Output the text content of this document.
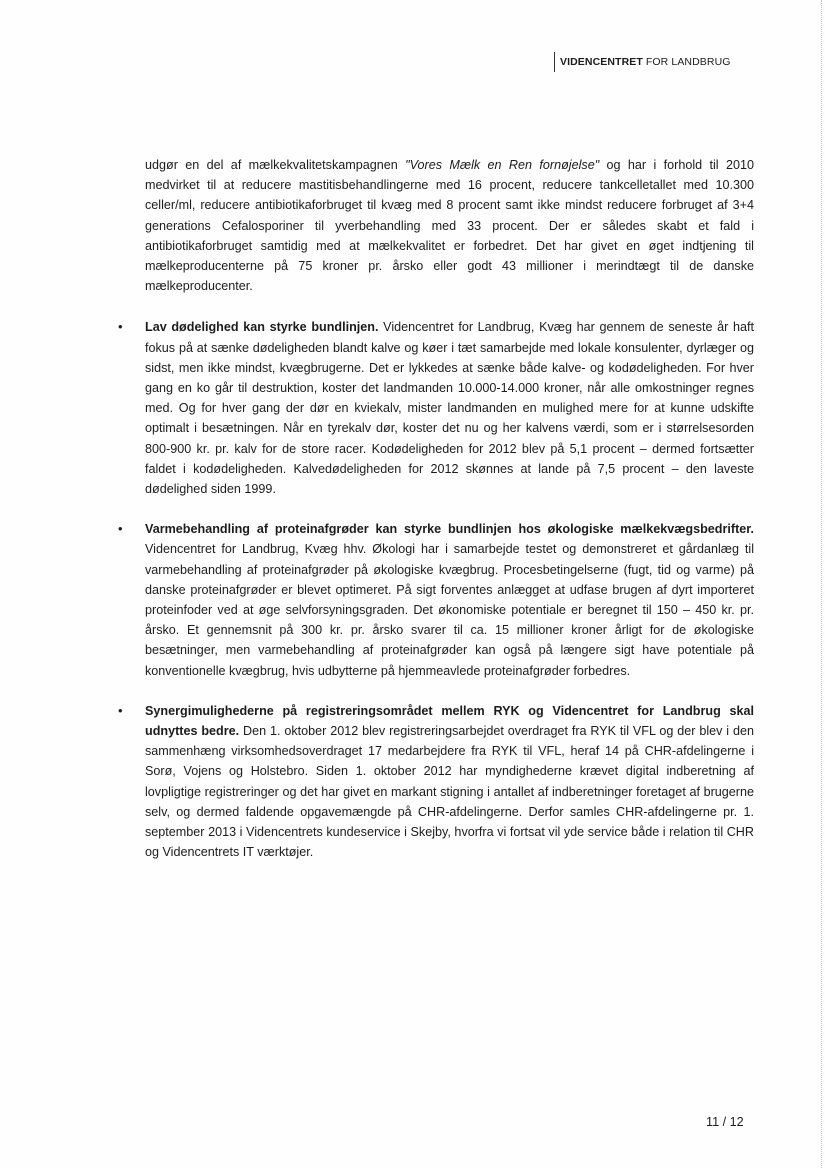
VIDENCENTRET FOR LANDBRUG

udgør en del af mælkekvalitetskampagnen "Vores Mælk en Ren fornøjelse" og har i forhold til 2010 medvirket til at reducere mastitisbehandlingerne med 16 procent, reducere tankcelletallet med 10.300 celler/ml, reducere antibiotikaforbruget til kvæg med 8 procent samt ikke mindst reducere forbruget af 3+4 generations Cefalosporiner til yverbehandling med 33 procent. Der er således skabt et fald i antibiotikaforbruget samtidig med at mælkekvalitet er forbedret. Det har givet en øget indtjening til mælkeproducenterne på 75 kroner pr. årsko eller godt 43 millioner i merindtægt til de danske mælkeproducenter.

• Lav dødelighed kan styrke bundlinjen. Videncentret for Landbrug, Kvæg har gennem de seneste år haft fokus på at sænke dødeligheden blandt kalve og køer i tæt samarbejde med lokale konsulenter, dyrlæger og sidst, men ikke mindst, kvægbrugerne. Det er lykkedes at sænke både kalve- og kodødeligheden. For hver gang en ko går til destruktion, koster det landmanden 10.000-14.000 kroner, når alle omkostninger regnes med. Og for hver gang der dør en kviekalv, mister landmanden en mulighed mere for at kunne udskifte optimalt i besætningen. Når en tyrekalv dør, koster det nu og her kalvens værdi, som er i størrelsesorden 800-900 kr. pr. kalv for de store racer. Kodødeligheden for 2012 blev på 5,1 procent – dermed fortsætter faldet i kodødeligheden. Kalvedødeligheden for 2012 skønnes at lande på 7,5 procent – den laveste dødelighed siden 1999.

• Varmebehandling af proteinafgrøder kan styrke bundlinjen hos økologiske mælkekvægsbedrifter. Videncentret for Landbrug, Kvæg hhv. Økologi har i samarbejde testet og demonstreret et gårdanlæg til varmebehandling af proteinafgrøder på økologiske kvægbrug. Procesbetingelserne (fugt, tid og varme) på danske proteinafgrøder er blevet optimeret. På sigt forventes anlægget at udfase brugen af dyrt importeret proteinfoder ved at øge selvforsyningsgraden. Det økonomiske potentiale er beregnet til 150 – 450 kr. pr. årsko. Et gennemsnit på 300 kr. pr. årsko svarer til ca. 15 millioner kroner årligt for de økologiske besætninger, men varmebehandling af proteinafgrøder kan også på længere sigt have potentiale på konventionelle kvægbrug, hvis udbytterne på hjemmeavlede proteinafgrøder forbedres.

• Synergimulighederne på registreringsområdet mellem RYK og Videncentret for Landbrug skal udnyttes bedre. Den 1. oktober 2012 blev registreringsarbejdet overdraget fra RYK til VFL og der blev i den sammenhæng virksomhedsoverdraget 17 medarbejdere fra RYK til VFL, heraf 14 på CHR-afdelingerne i Sorø, Vojens og Holstebro. Siden 1. oktober 2012 har myndighederne krævet digital indberetning af lovpligtige registreringer og det har givet en markant stigning i antallet af indberetninger foretaget af brugerne selv, og dermed faldende opgavemængde på CHR-afdelingerne. Derfor samles CHR-afdelingerne pr. 1. september 2013 i Videncentrets kundeservice i Skejby, hvorfra vi fortsat vil yde service både i relation til CHR og Videncentrets IT værktøjer.

11 / 12
